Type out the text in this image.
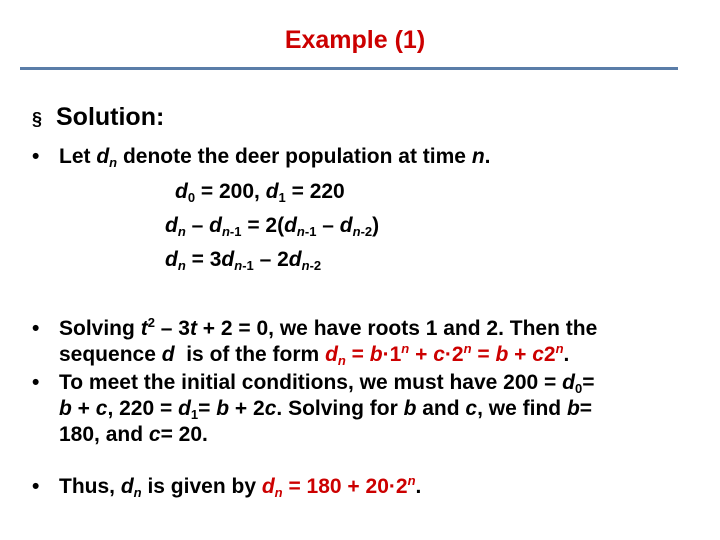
Example (1)
§ Solution:
• Let $d_n$ denote the deer population at time n.
$d_0 = 200$, $d_1 = 220$
$d_n - d_{n-1} = 2(d_{n-1} - d_{n-2})$
$d_n = 3d_{n-1} - 2d_{n-2}$
• Solving $t^2 - 3t + 2 = 0$, we have roots 1 and 2. Then the
sequence d  is of the form $d_n = b\cdot 1^n + c\cdot 2^n = b + c2^n$.
• To meet the initial conditions, we must have $200 = d_0=$
b + c, $220 = d_1= b + 2c$. Solving for b and c, we find b=
180, and c= 20.
• Thus, $d_n$ is given by $d_n = 180 + 20\cdot 2^n$.
